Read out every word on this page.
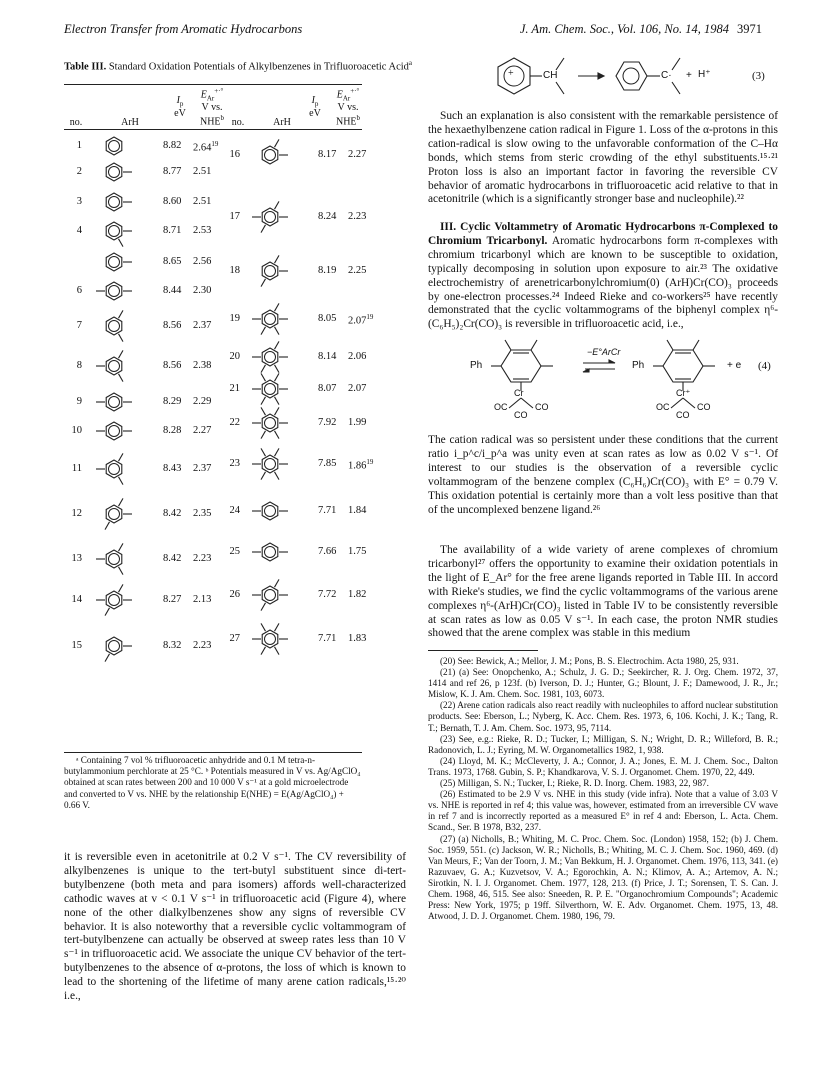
Electron Transfer from Aromatic Hydrocarbons	J. Am. Chem. Soc., Vol. 106, No. 14, 1984 3971
Table III. Standard Oxidation Potentials of Alkylbenzenes in Trifluoroacetic Acid$^a$
no.	ArH
$I_p$
eV
$E_{Ar}^{+\cdot^\circ}$
V vs.
NHE$^b$ no.	ArH
$I_p$
eV
$E_{Ar}^{+\cdot^\circ}$
V vs.
NHE$^b$
1	8.82 2.64$^{19}$
2	8.77 2.51
3	8.60 2.51
4	8.71 2.53
8.65 2.56
6	8.44 2.30
7	8.56 2.37
8	8.56 2.38
9	8.29 2.29
10	8.28 2.27
11	8.43 2.37
12	8.42 2.35
13	8.42 2.23
14	8.27 2.13
15	8.32 2.23
16	8.17 2.27
17	8.24 2.23
18	8.19 2.25
19	8.05 2.07$^{19}$
20	8.14 2.06
21	8.07 2.07
22	7.92 1.99
23	7.85 1.86$^{19}$
24	7.71 1.84
25	7.66 1.75
26	7.72 1.82
27	7.71 1.83
ᵃ Containing 7 vol % trifluoroacetic anhydride and 0.1 M tetra-n-butylammonium perchlorate at 25 °C. ᵇ Potentials measured in V vs. Ag/AgClO₄ obtained at scan rates between 200 and 10 000 V s⁻¹ at a gold microelectrode and converted to V vs. NHE by the relationship E(NHE) = E(Ag/AgClO₄) + 0.66 V.
it is reversible even in acetonitrile at 0.2 V s⁻¹. The CV reversibility of alkylbenzenes is unique to the tert-butyl substituent since di-tert-butylbenzene (both meta and para isomers) affords well-characterized cathodic waves at v < 0.1 V s⁻¹ in trifluoroacetic acid (Figure 4), where none of the other dialkylbenzenes show any signs of reversible CV behavior. It is also noteworthy that a reversible cyclic voltammogram of tert-butylbenzene can actually be observed at sweep rates less than 10 V s⁻¹ in trifluoroacetic acid. We associate the unique CV behavior of the tert-butylbenzenes to the absence of α-protons, the loss of which is known to lead to the shortening of the lifetime of many arene cation radicals,¹⁵·²⁰ i.e.,
+	CH	C· + H⁺	(3)
Such an explanation is also consistent with the remarkable persistence of the hexaethylbenzene cation radical in Figure 1. Loss of the α-protons in this cation-radical is slow owing to the unfavorable conformation of the C–Hα bonds, which stems from steric crowding of the ethyl substituents.¹⁵·²¹ Proton loss is also an important factor in favoring the reversible CV behavior of aromatic hydrocarbons in trifluoroacetic acid relative to that in acetonitrile (which is a significantly stronger base and nucleophile).²²
III. Cyclic Voltammetry of Aromatic Hydrocarbons π-Complexed to Chromium Tricarbonyl. Aromatic hydrocarbons form π-complexes with chromium tricarbonyl which are known to be susceptible to oxidation, typically decomposing in solution upon exposure to air.²³ The oxidative electrochemistry of arenetricarbonylchromium(0) (ArH)Cr(CO)₃ proceeds by one-electron processes.²⁴ Indeed Rieke and co-workers²⁵ have recently demonstrated that the cyclic voltammograms of the biphenyl complex η⁶-(C₆H₅)₂Cr(CO)₃ is reversible in trifluoroacetic acid, i.e.,
Ph
−E°ArCr
Ph	+ e (4)
Cr
OC	CO
CO
Cr⁺
OC	CO
CO
The cation radical was so persistent under these conditions that the current ratio i_p^c/i_p^a was unity even at scan rates as low as 0.02 V s⁻¹. Of interest to our studies is the observation of a reversible cyclic voltammogram of the benzene complex (C₆H₆)Cr(CO)₃ with E° = 0.79 V. This oxidation potential is certainly more than a volt less positive than that of the uncomplexed benzene ligand.²⁶
The availability of a wide variety of arene complexes of chromium tricarbonyl²⁷ offers the opportunity to examine their oxidation potentials in the light of E_Ar° for the free arene ligands reported in Table III. In accord with Rieke's studies, we find the cyclic voltammograms of the various arene complexes η⁶-(ArH)Cr(CO)₃ listed in Table IV to be consistently reversible at scan rates as low as 0.05 V s⁻¹. In each case, the proton NMR studies showed that the arene complex was stable in this medium

(20) See: Bewick, A.; Mellor, J. M.; Pons, B. S. Electrochim. Acta 1980, 25, 931.

(21) (a) See: Onopchenko, A.; Schulz, J. G. D.; Seekircher, R. J. Org. Chem. 1972, 37, 1414 and ref 26, p 123f. (b) Iverson, D. J.; Hunter, G.; Blount, J. F.; Damewood, J. R., Jr.; Mislow, K. J. Am. Chem. Soc. 1981, 103, 6073.

(22) Arene cation radicals also react readily with nucleophiles to afford nuclear substitution products. See: Eberson, L.; Nyberg, K. Acc. Chem. Res. 1973, 6, 106. Kochi, J. K.; Tang, R. T.; Bernath, T. J. Am. Chem. Soc. 1973, 95, 7114.

(23) See, e.g.: Rieke, R. D.; Tucker, I.; Milligan, S. N.; Wright, D. R.; Willeford, B. R.; Radonovich, L. J.; Eyring, M. W. Organometallics 1982, 1, 938.

(24) Lloyd, M. K.; McCleverty, J. A.; Connor, J. A.; Jones, E. M. J. Chem. Soc., Dalton Trans. 1973, 1768. Gubin, S. P.; Khandkarova, V. S. J. Organomet. Chem. 1970, 22, 449.

(25) Milligan, S. N.; Tucker, I.; Rieke, R. D. Inorg. Chem. 1983, 22, 987.

(26) Estimated to be 2.9 V vs. NHE in this study (vide infra). Note that a value of 3.03 V vs. NHE is reported in ref 4; this value was, however, estimated from an irreversible CV wave in ref 7 and is incorrectly reported as a measured E° in ref 4 and: Eberson, L. Acta. Chem. Scand., Ser. B 1978, B32, 237.

(27) (a) Nicholls, B.; Whiting, M. C. Proc. Chem. Soc. (London) 1958, 152; (b) J. Chem. Soc. 1959, 551. (c) Jackson, W. R.; Nicholls, B.; Whiting, M. C. J. Chem. Soc. 1960, 469. (d) Van Meurs, F.; Van der Toorn, J. M.; Van Bekkum, H. J. Organomet. Chem. 1976, 113, 341. (e) Razuvaev, G. A.; Kuzvetsov, V. A.; Egorochkin, A. N.; Klimov, A. A.; Artemov, A. N.; Sirotkin, N. I. J. Organomet. Chem. 1977, 128, 213. (f) Price, J. T.; Sorensen, T. S. Can. J. Chem. 1968, 46, 515. See also: Sneeden, R. P. E. "Organochromium Compounds"; Academic Press: New York, 1975; p 19ff. Silverthorn, W. E. Adv. Organomet. Chem. 1975, 13, 48. Atwood, J. D. J. Organomet. Chem. 1980, 196, 79.
